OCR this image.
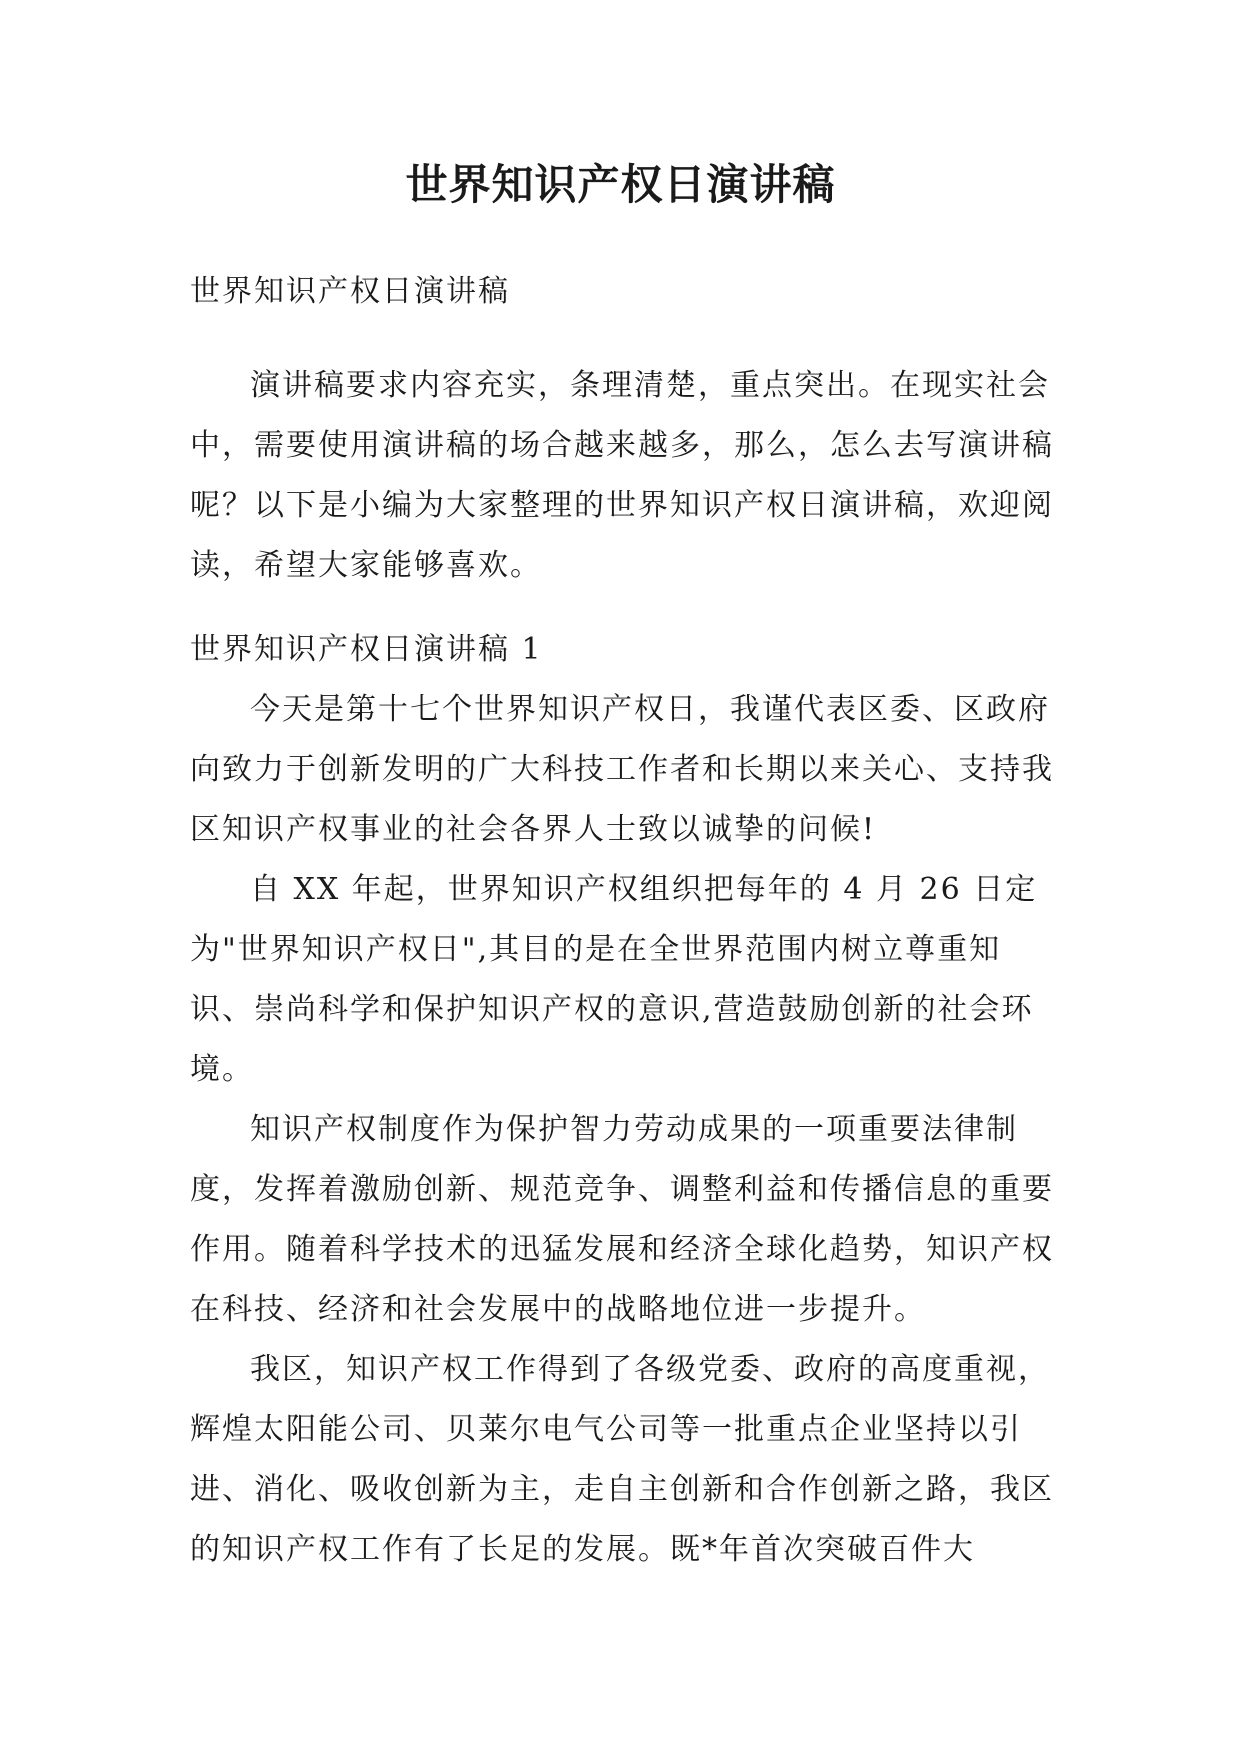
世界知识产权日演讲稿

世界知识产权日演讲稿

演讲稿要求内容充实，条理清楚，重点突出。在现实社会中，需要使用演讲稿的场合越来越多，那么，怎么去写演讲稿呢？以下是小编为大家整理的世界知识产权日演讲稿，欢迎阅读，希望大家能够喜欢。

世界知识产权日演讲稿 1

今天是第十七个世界知识产权日，我谨代表区委、区政府向致力于创新发明的广大科技工作者和长期以来关心、支持我区知识产权事业的社会各界人士致以诚挚的问候!

自 XX 年起，世界知识产权组织把每年的 4 月 26 日定为"世界知识产权日",其目的是在全世界范围内树立尊重知识、崇尚科学和保护知识产权的意识,营造鼓励创新的社会环境。

知识产权制度作为保护智力劳动成果的一项重要法律制度，发挥着激励创新、规范竞争、调整利益和传播信息的重要作用。随着科学技术的迅猛发展和经济全球化趋势，知识产权在科技、经济和社会发展中的战略地位进一步提升。

我区，知识产权工作得到了各级党委、政府的高度重视，辉煌太阳能公司、贝莱尔电气公司等一批重点企业坚持以引进、消化、吸收创新为主，走自主创新和合作创新之路，我区的知识产权工作有了长足的发展。既*年首次突破百件大
